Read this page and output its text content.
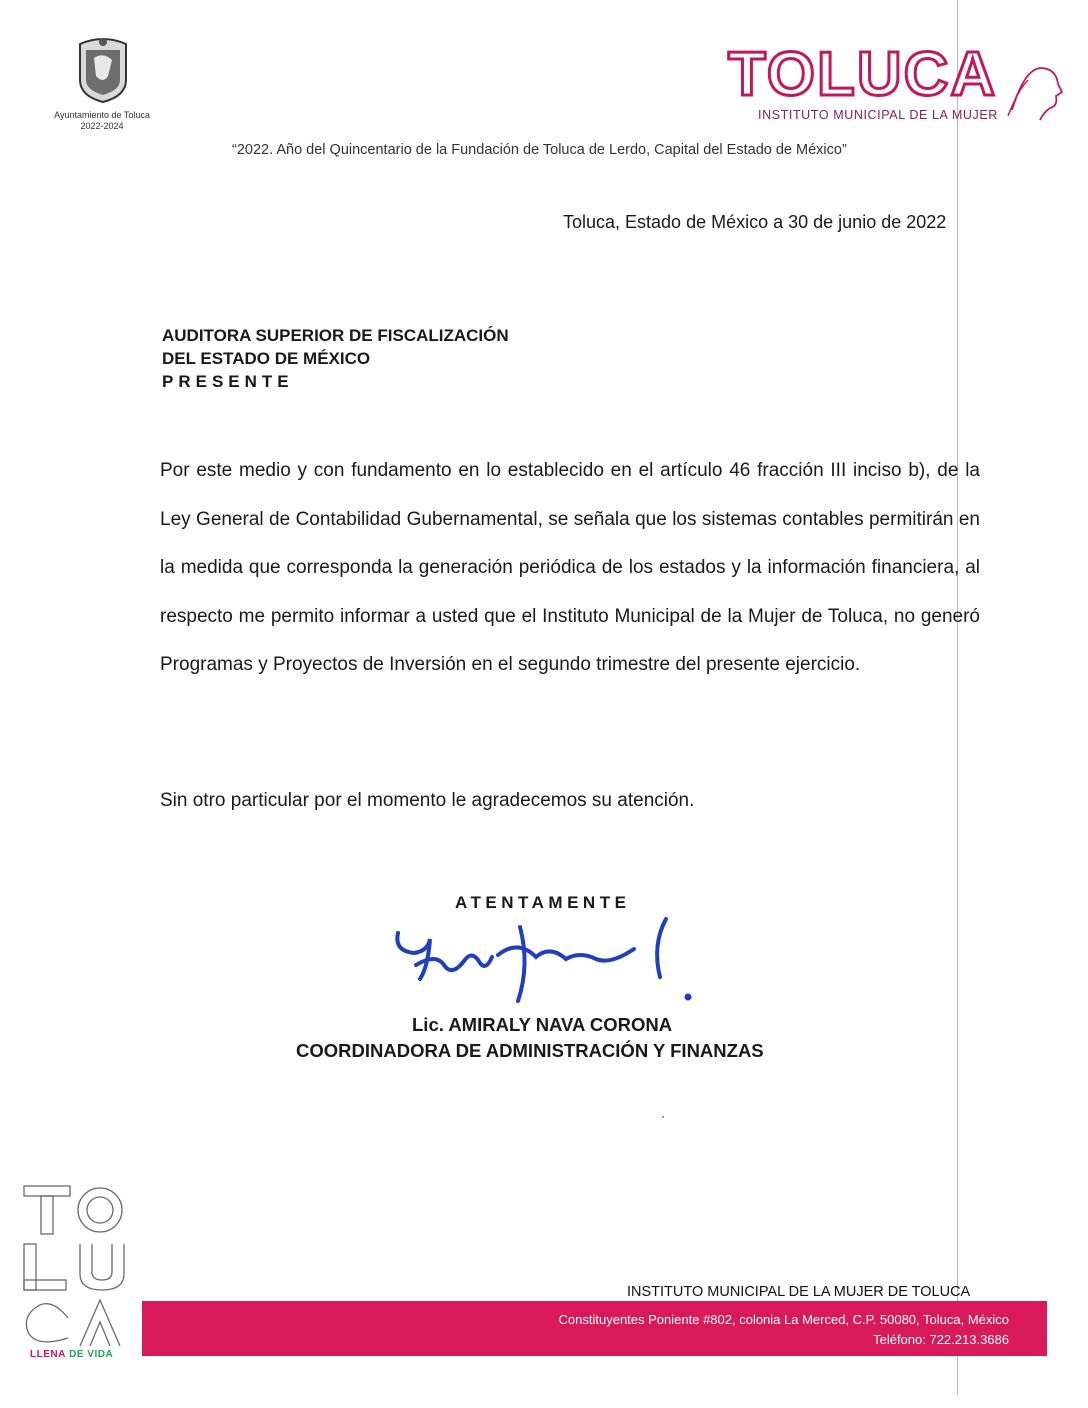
Ayuntamiento de Toluca
2022-2024
TOLUCA
INSTITUTO MUNICIPAL DE LA MUJER
“2022. Año del Quincentario de la Fundación de Toluca de Lerdo, Capital del Estado de México”
Toluca, Estado de México a 30 de junio de 2022
AUDITORA SUPERIOR DE FISCALIZACIÓN
DEL ESTADO DE MÉXICO
PRESENTE
Por este medio y con fundamento en lo establecido en el artículo 46 fracción III inciso b), de la Ley General de Contabilidad Gubernamental, se señala que los sistemas contables permitirán en la medida que corresponda la generación periódica de los estados y la información financiera, al respecto me permito informar a usted que el Instituto Municipal de la Mujer de Toluca, no generó Programas y Proyectos de Inversión en el segundo trimestre del presente ejercicio.
Sin otro particular por el momento le agradecemos su atención.
ATENTAMENTE
Lic. AMIRALY NAVA CORONA
COORDINADORA DE ADMINISTRACIÓN Y FINANZAS
LLENA DE VIDA
INSTITUTO MUNICIPAL DE LA MUJER DE TOLUCA
Constituyentes Poniente #802, colonia La Merced, C.P. 50080, Toluca, México
Teléfono: 722.213.3686
